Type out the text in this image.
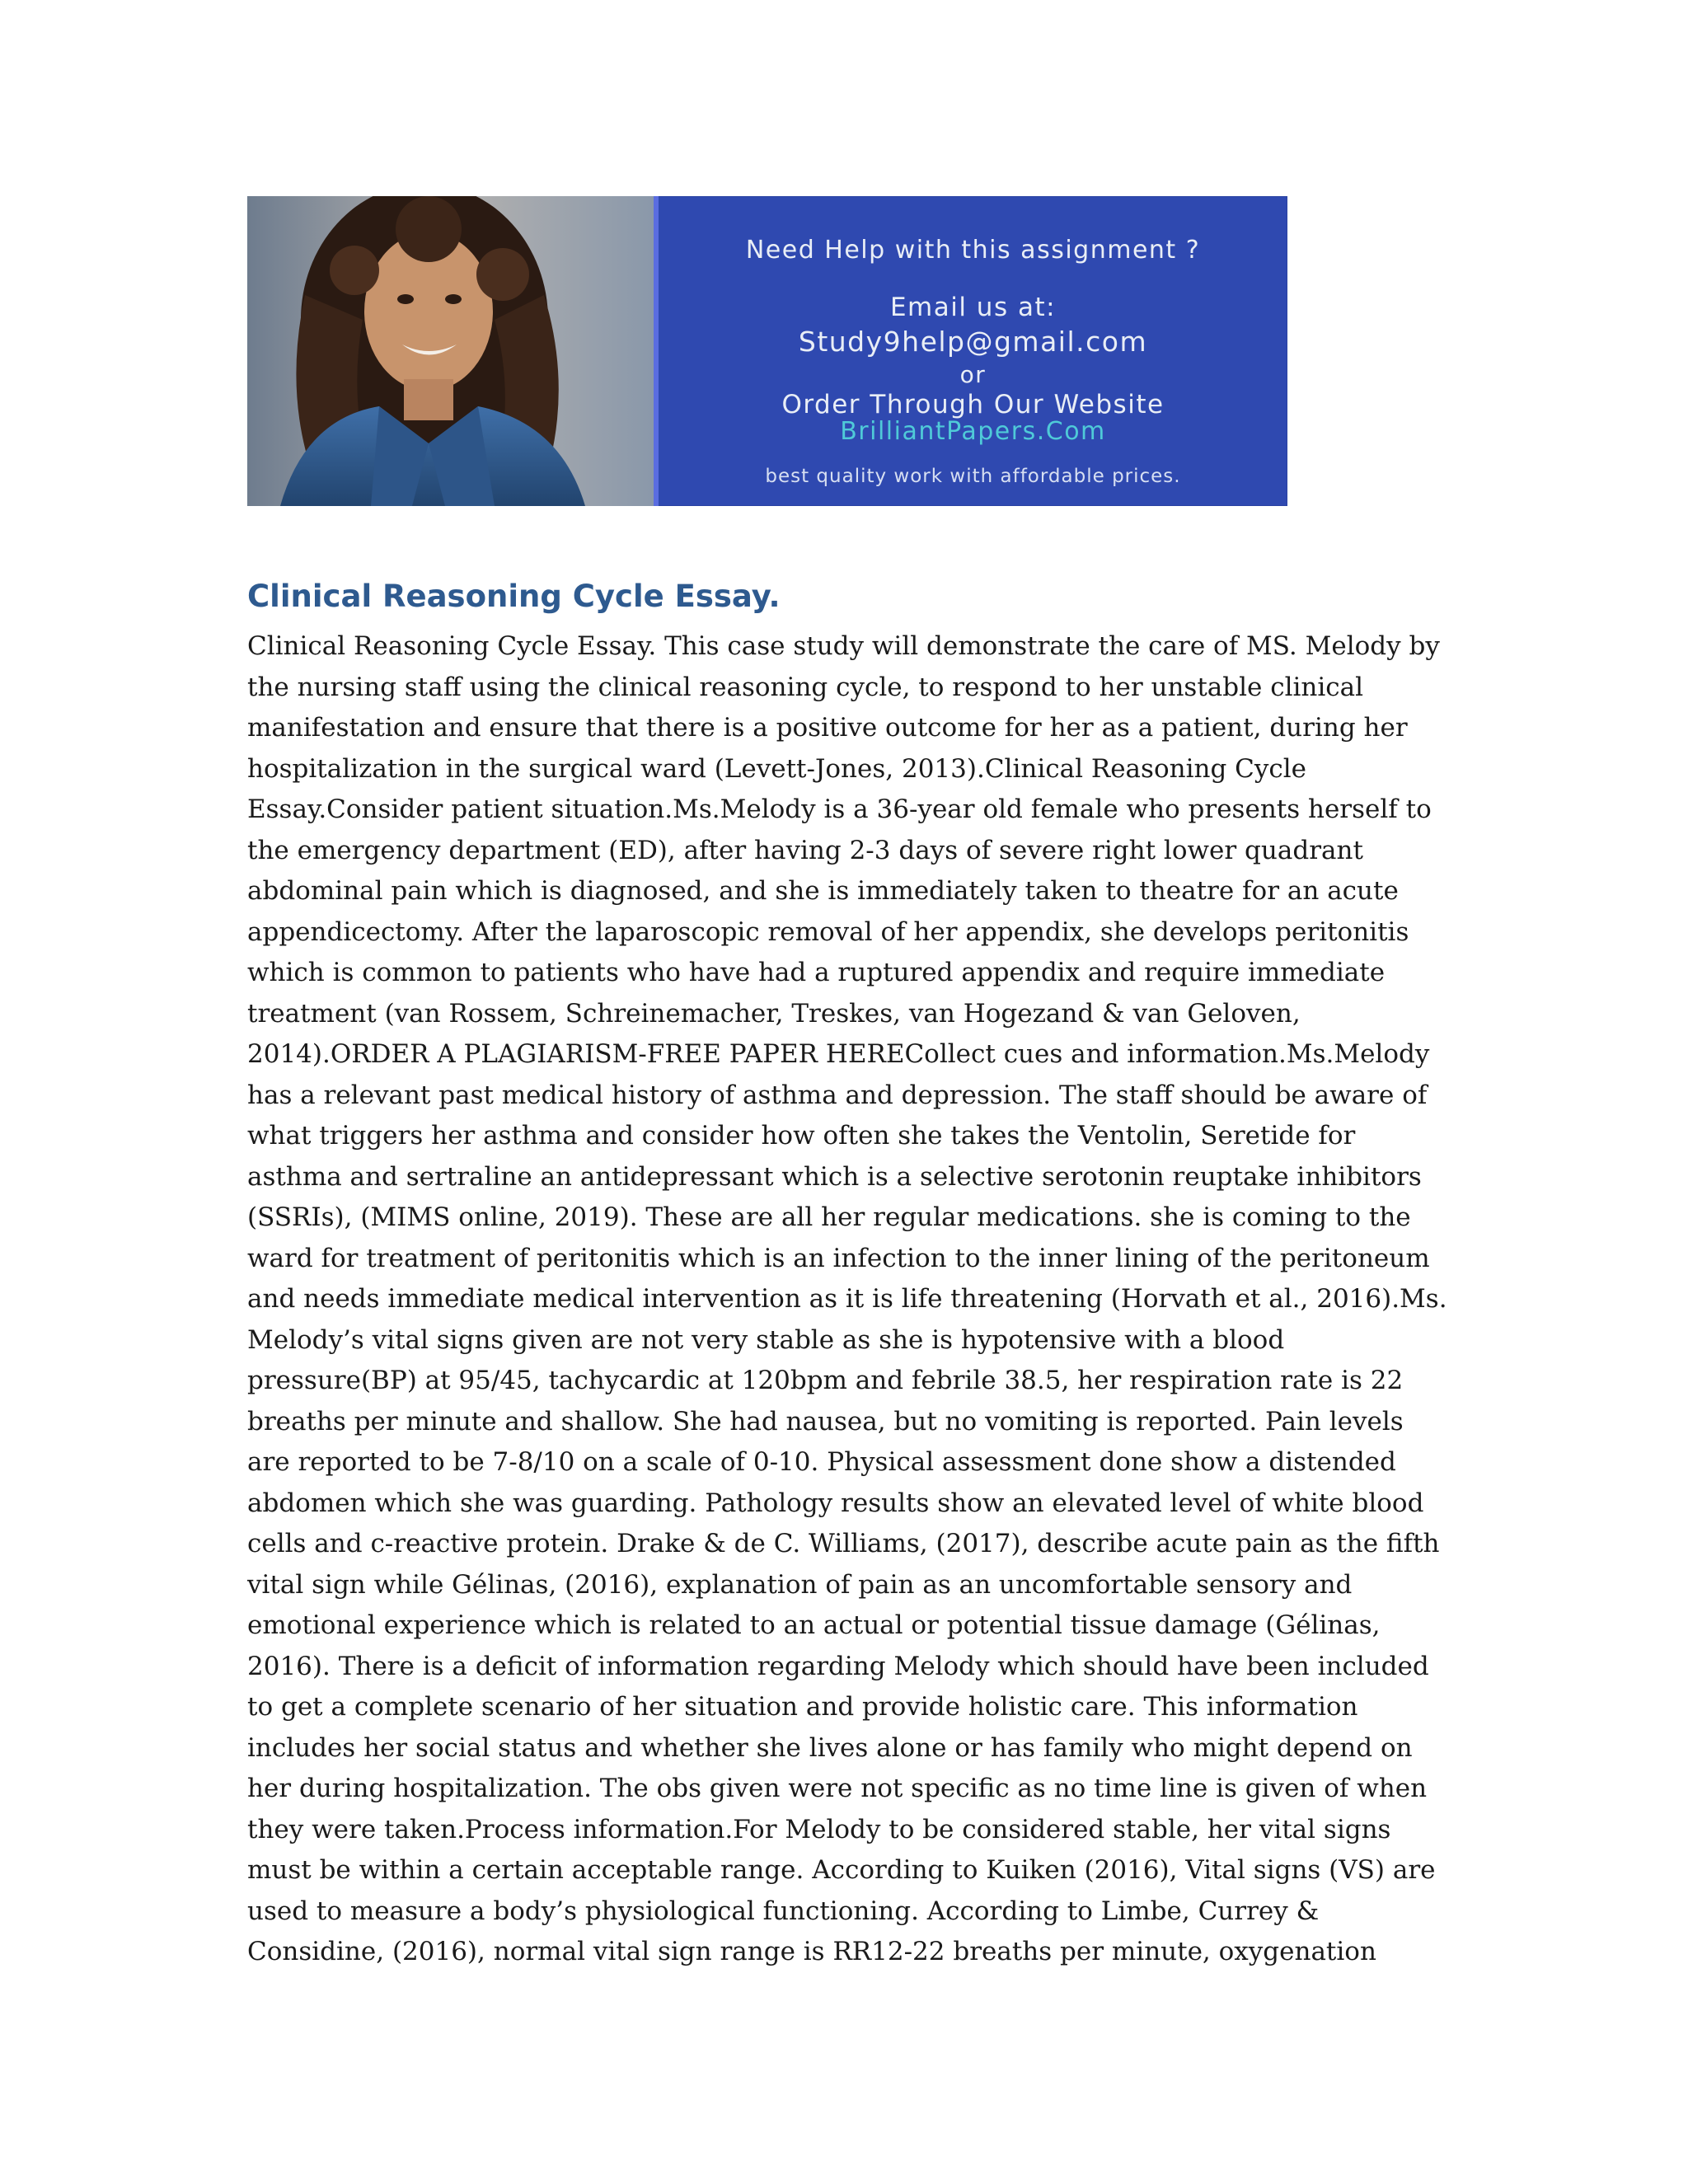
Need Help with this assignment ?
Email us at:
Study9help@gmail.com
or
Order Through Our Website
BrilliantPapers.Com
best quality work with affordable prices.
Clinical Reasoning Cycle Essay.
Clinical Reasoning Cycle Essay. This case study will demonstrate the care of MS. Melody by
the nursing staff using the clinical reasoning cycle, to respond to her unstable clinical
manifestation and ensure that there is a positive outcome for her as a patient, during her
hospitalization in the surgical ward (Levett-Jones, 2013).Clinical Reasoning Cycle
Essay.Consider patient situation.Ms.Melody is a 36-year old female who presents herself to
the emergency department (ED), after having 2-3 days of severe right lower quadrant
abdominal pain which is diagnosed, and she is immediately taken to theatre for an acute
appendicectomy. After the laparoscopic removal of her appendix, she develops peritonitis
which is common to patients who have had a ruptured appendix and require immediate
treatment (van Rossem, Schreinemacher, Treskes, van Hogezand & van Geloven,
2014).ORDER A PLAGIARISM-FREE PAPER HERECollect cues and information.Ms.Melody
has a relevant past medical history of asthma and depression. The staff should be aware of
what triggers her asthma and consider how often she takes the Ventolin, Seretide for
asthma and sertraline an antidepressant which is a selective serotonin reuptake inhibitors
(SSRIs), (MIMS online, 2019). These are all her regular medications. she is coming to the
ward for treatment of peritonitis which is an infection to the inner lining of the peritoneum
and needs immediate medical intervention as it is life threatening (Horvath et al., 2016).Ms.
Melody’s vital signs given are not very stable as she is hypotensive with a blood
pressure(BP) at 95/45, tachycardic at 120bpm and febrile 38.5, her respiration rate is 22
breaths per minute and shallow. She had nausea, but no vomiting is reported. Pain levels
are reported to be 7-8/10 on a scale of 0-10. Physical assessment done show a distended
abdomen which she was guarding. Pathology results show an elevated level of white blood
cells and c-reactive protein. Drake & de C. Williams, (2017), describe acute pain as the fifth
vital sign while Gélinas, (2016), explanation of pain as an uncomfortable sensory and
emotional experience which is related to an actual or potential tissue damage (Gélinas,
2016). There is a deficit of information regarding Melody which should have been included
to get a complete scenario of her situation and provide holistic care. This information
includes her social status and whether she lives alone or has family who might depend on
her during hospitalization. The obs given were not specific as no time line is given of when
they were taken.Process information.For Melody to be considered stable, her vital signs
must be within a certain acceptable range. According to Kuiken (2016), Vital signs (VS) are
used to measure a body’s physiological functioning. According to Limbe, Currey &
Considine, (2016), normal vital sign range is RR12-22 breaths per minute, oxygenation
